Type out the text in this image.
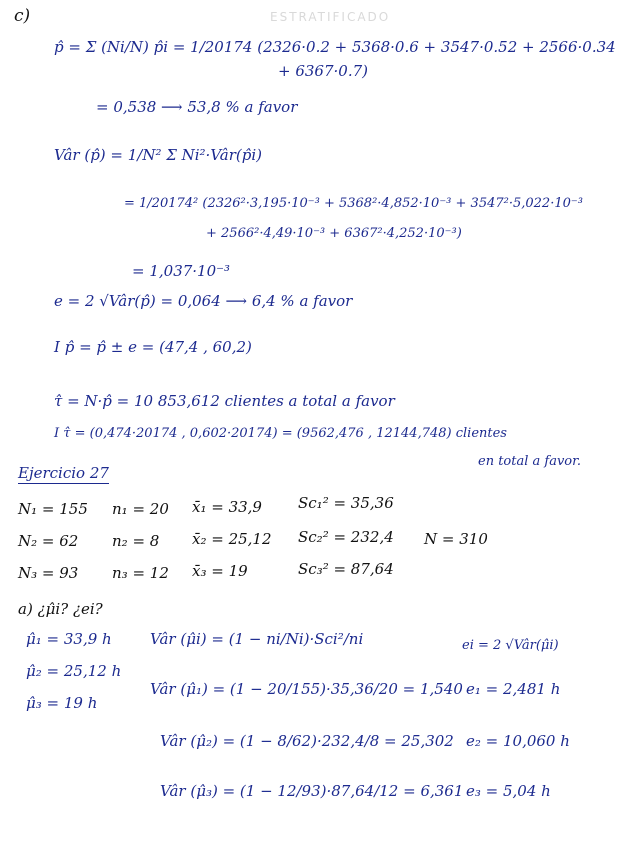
ESTRATIFICADO
c)
p̂ = Σ (Ni/N) p̂i = 1/20174 (2326·0.2 + 5368·0.6 + 3547·0.52 + 2566·0.34
+ 6367·0.7)
= 0,538 ⟶ 53,8 % a favor
Vâr (p̂) = 1/N² Σ Ni²·Vâr(p̂i)
= 1/20174² (2326²·3,195·10⁻³ + 5368²·4,852·10⁻³ + 3547²·5,022·10⁻³
+ 2566²·4,49·10⁻³ + 6367²·4,252·10⁻³)
= 1,037·10⁻³
e = 2 √Vâr(p̂) = 0,064 ⟶ 6,4 % a favor
I p̂ = p̂ ± e = (47,4 , 60,2)
τ̂ = N·p̂ = 10 853,612 clientes a total a favor
I τ̂ = (0,474·20174 , 0,602·20174) = (9562,476 , 12144,748) clientes
en total a favor.
Ejercicio 27
N₁ = 155 n₁ = 20 x̄₁ = 33,9 Sc₁² = 35,36
N₂ = 62 n₂ = 8 x̄₂ = 25,12 Sc₂² = 232,4
N₃ = 93 n₃ = 12 x̄₃ = 19	Sc₃² = 87,64
N = 310
a) ¿μ̂i? ¿ei?
μ̂₁ = 33,9 h
μ̂₂ = 25,12 h
μ̂₃ = 19 h
Vâr (μ̂i) = (1 − ni/Ni)·Sci²/ni	ei = 2 √Vâr(μ̂i)
Vâr (μ̂₁) = (1 − 20/155)·35,36/20 = 1,540
Vâr (μ̂₂) = (1 − 8/62)·232,4/8 = 25,302
Vâr (μ̂₃) = (1 − 12/93)·87,64/12 = 6,361
e₁ = 2,481 h
e₂ = 10,060 h
e₃ = 5,04 h
